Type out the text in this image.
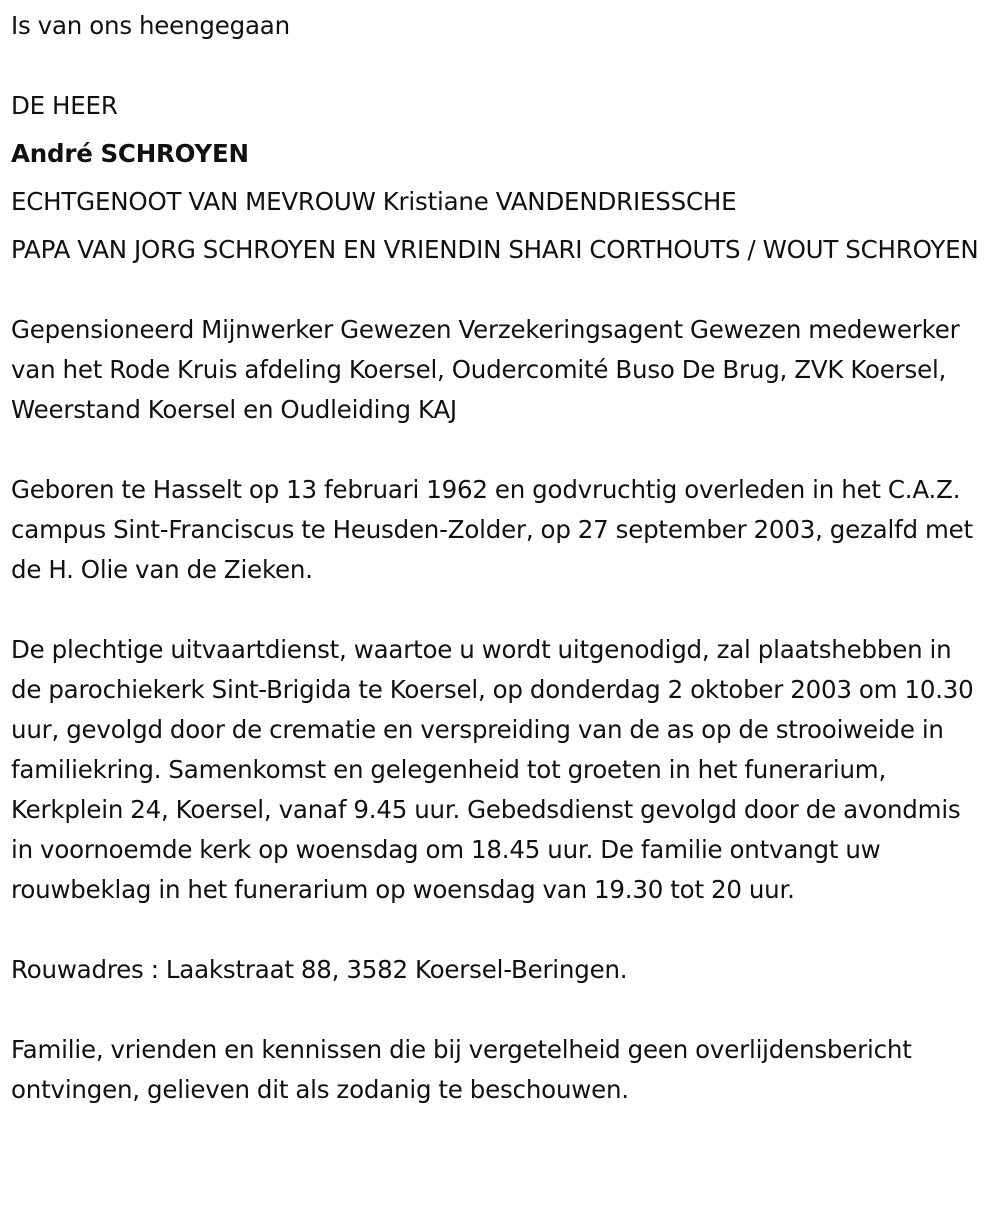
Is van ons heengegaan

DE HEER

André SCHROYEN

ECHTGENOOT VAN MEVROUW Kristiane VANDENDRIESSCHE

PAPA VAN JORG SCHROYEN EN VRIENDIN SHARI CORTHOUTS / WOUT SCHROYEN

Gepensioneerd Mijnwerker Gewezen Verzekeringsagent Gewezen medewerker van het Rode Kruis afdeling Koersel, Oudercomité Buso De Brug, ZVK Koersel, Weerstand Koersel en Oudleiding KAJ

Geboren te Hasselt op 13 februari 1962 en godvruchtig overleden in het C.A.Z. campus Sint-Franciscus te Heusden-Zolder, op 27 september 2003, gezalfd met de H. Olie van de Zieken.

De plechtige uitvaartdienst, waartoe u wordt uitgenodigd, zal plaatshebben in de parochiekerk Sint-Brigida te Koersel, op donderdag 2 oktober 2003 om 10.30 uur, gevolgd door de crematie en verspreiding van de as op de strooiweide in familiekring. Samenkomst en gelegenheid tot groeten in het funerarium, Kerkplein 24, Koersel, vanaf 9.45 uur. Gebedsdienst gevolgd door de avondmis in voornoemde kerk op woensdag om 18.45 uur. De familie ontvangt uw rouwbeklag in het funerarium op woensdag van 19.30 tot 20 uur.

Rouwadres : Laakstraat 88, 3582 Koersel-Beringen.

Familie, vrienden en kennissen die bij vergetelheid geen overlijdensbericht ontvingen, gelieven dit als zodanig te beschouwen.
